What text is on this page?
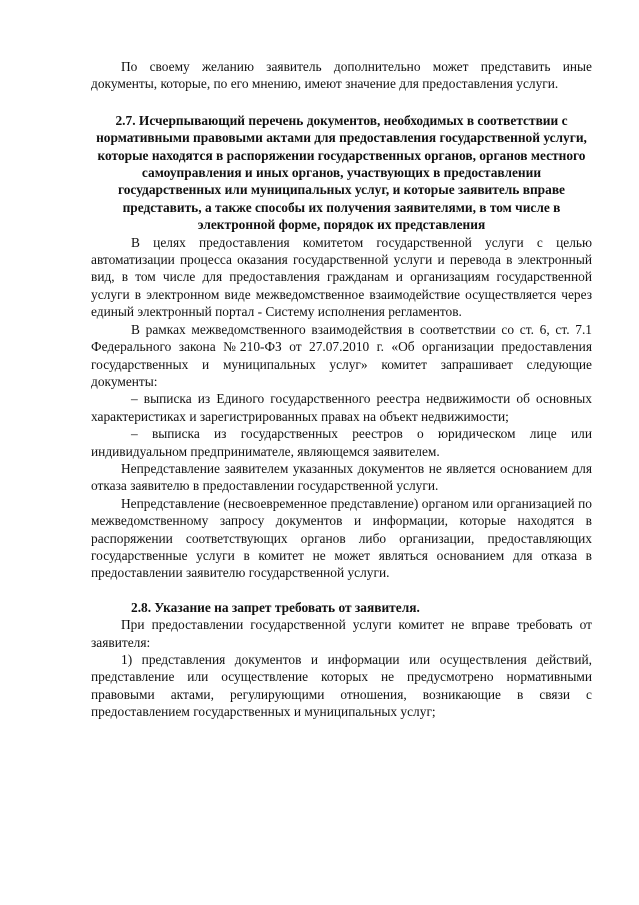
По своему желанию заявитель дополнительно может представить иные документы, которые, по его мнению, имеют значение для предоставления услуги.

2.7. Исчерпывающий перечень документов, необходимых в соответствии с нормативными правовыми актами для предоставления государственной услуги, которые находятся в распоряжении государственных органов, органов местного самоуправления и иных органов, участвующих в предоставлении государственных или муниципальных услуг, и которые заявитель вправе представить, а также способы их получения заявителями, в том числе в электронной форме, порядок их представления

В целях предоставления комитетом государственной услуги с целью автоматизации процесса оказания государственной услуги и перевода в электронный вид, в том числе для предоставления гражданам и организациям государственной услуги в электронном виде межведомственное взаимодействие осуществляется через единый электронный портал - Систему исполнения регламентов.

В рамках межведомственного взаимодействия в соответствии со ст. 6, ст. 7.1 Федерального закона №210-ФЗ от 27.07.2010 г. «Об организации предоставления государственных и муниципальных услуг» комитет запрашивает следующие документы:

– выписка из Единого государственного реестра недвижимости об основных характеристиках и зарегистрированных правах на объект недвижимости;

– выписка из государственных реестров о юридическом лице или индивидуальном предпринимателе, являющемся заявителем.

Непредставление заявителем указанных документов не является основанием для отказа заявителю в предоставлении государственной услуги.

Непредставление (несвоевременное представление) органом или организацией по межведомственному запросу документов и информации, которые находятся в распоряжении соответствующих органов либо организации, предоставляющих государственные услуги в комитет не может являться основанием для отказа в предоставлении заявителю государственной услуги.

2.8. Указание на запрет требовать от заявителя.

При предоставлении государственной услуги комитет не вправе требовать от заявителя:

1) представления документов и информации или осуществления действий, представление или осуществление которых не предусмотрено нормативными правовыми актами, регулирующими отношения, возникающие в связи с предоставлением государственных и муниципальных услуг;
